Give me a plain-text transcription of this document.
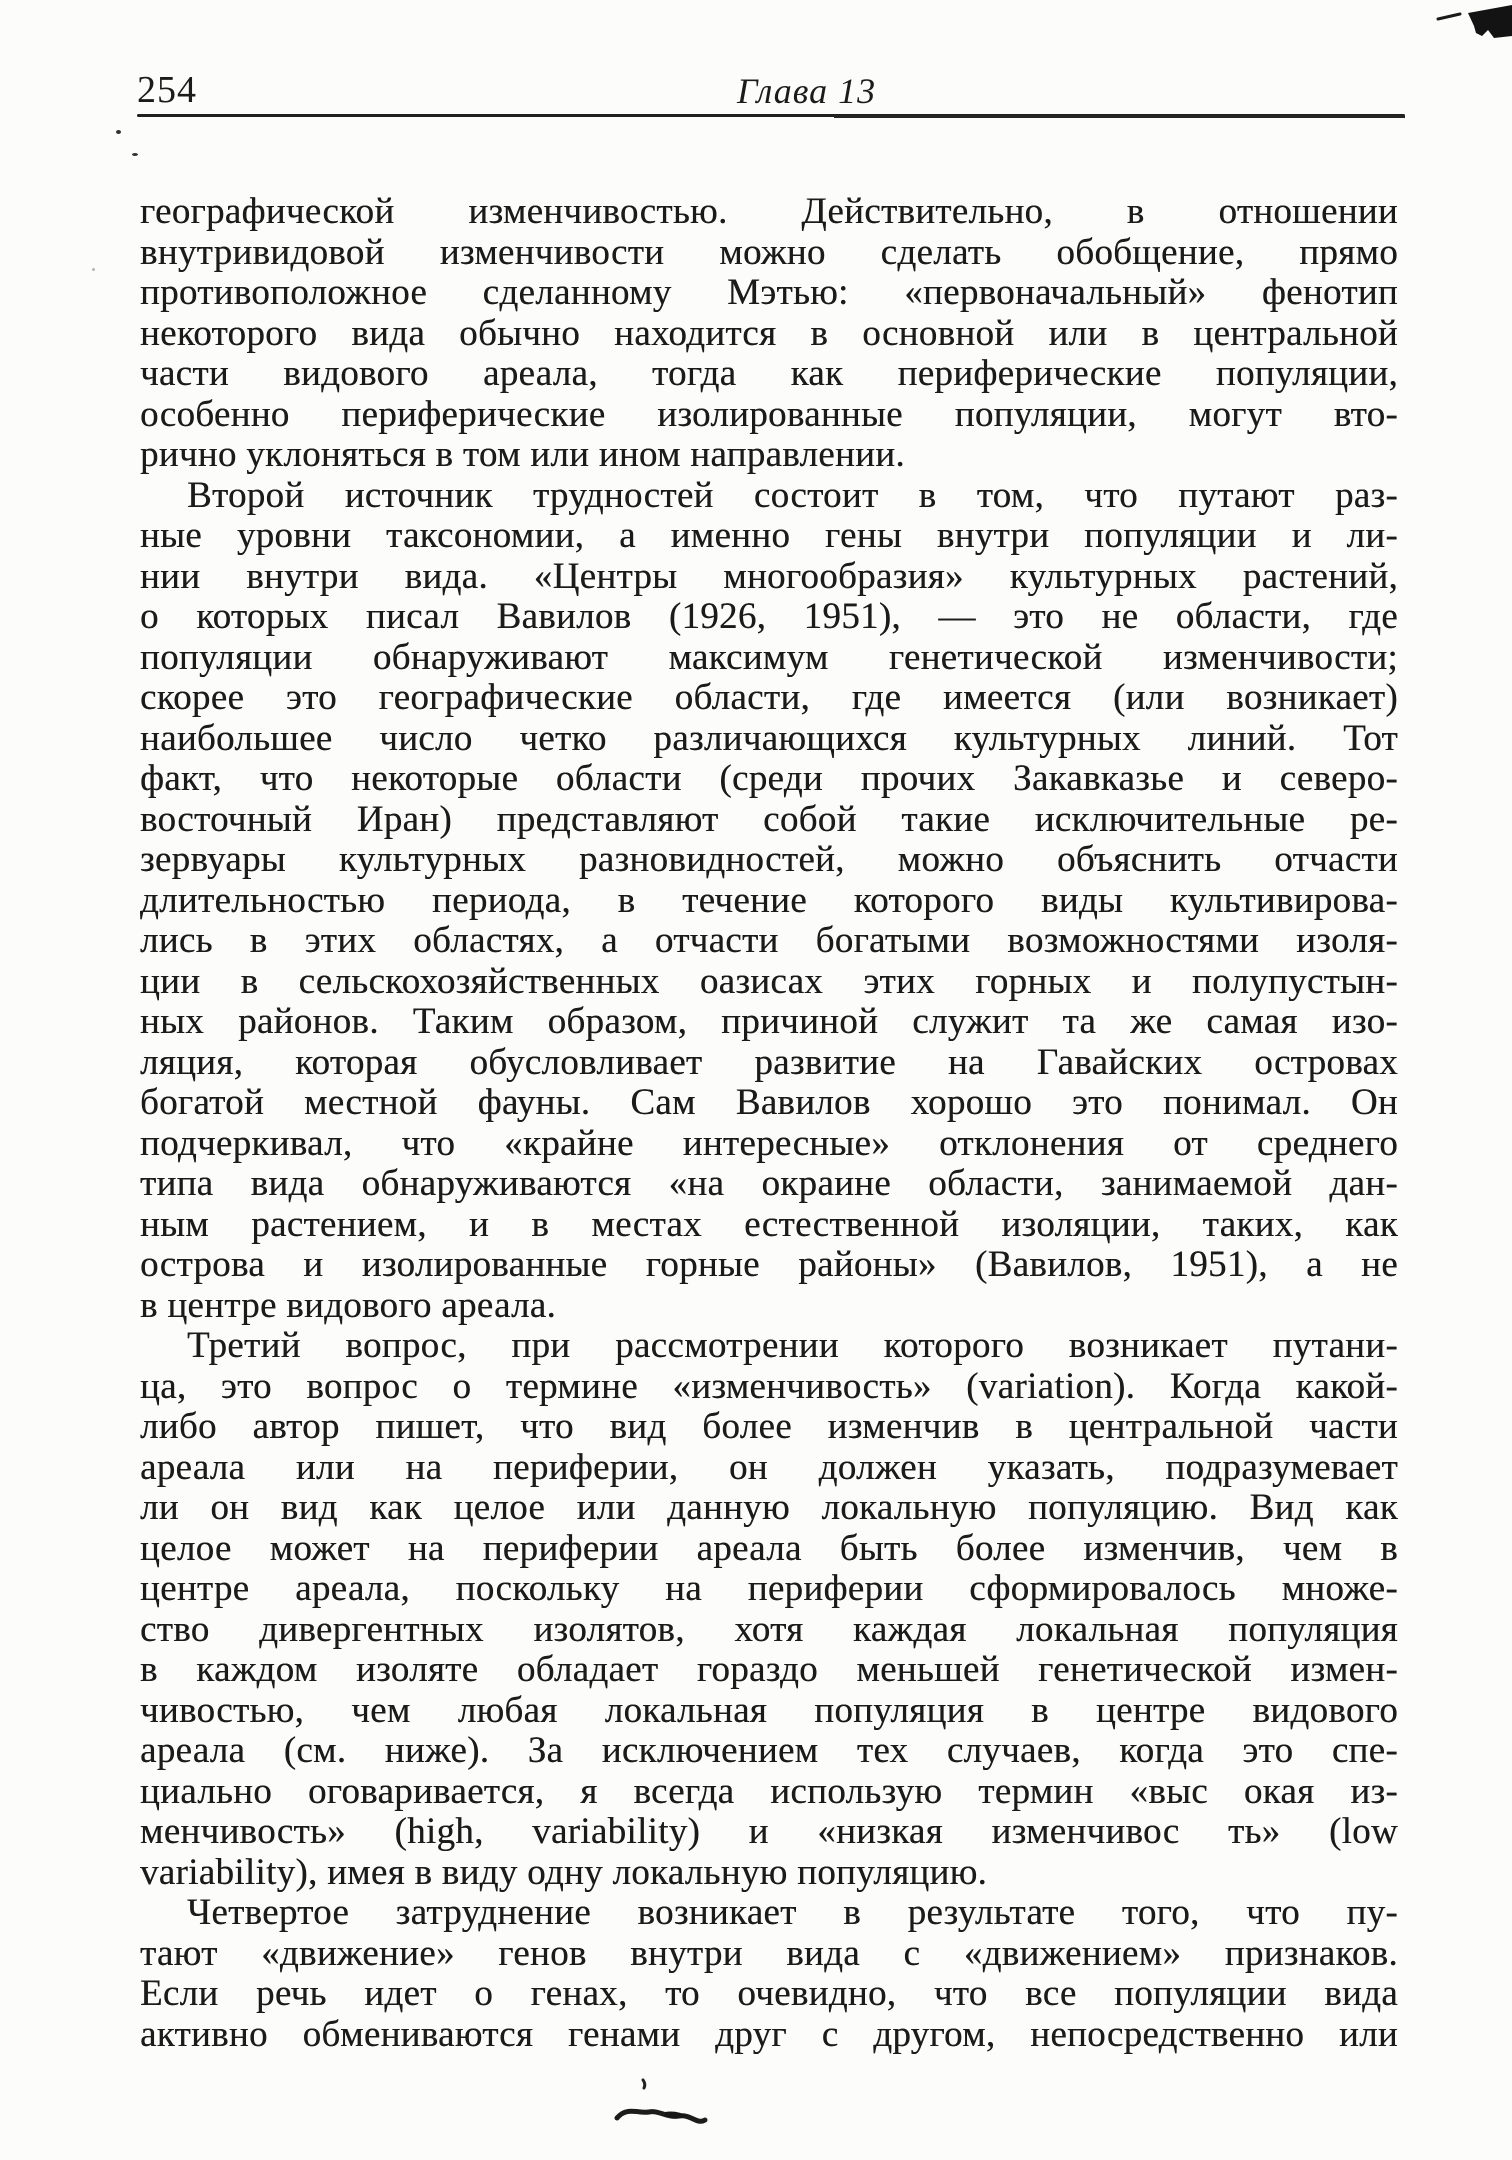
254	Глава 13
географической изменчивостью. Действительно, в отношении
внутривидовой изменчивости можно сделать обобщение, прямо
противоположное сделанному Мэтью: «первоначальный» фенотип
некоторого вида обычно находится в основной или в центральной
части видового ареала, тогда как периферические популяции,
особенно периферические изолированные популяции, могут вто-
рично уклоняться в том или ином направлении.
Второй источник трудностей состоит в том, что путают раз-
ные уровни таксономии, а именно гены внутри популяции и ли-
нии внутри вида. «Центры многообразия» культурных растений,
о которых писал Вавилов (1926, 1951), — это не области, где
популяции обнаруживают максимум генетической изменчивости;
скорее это географические области, где имеется (или возникает)
наибольшее число четко различающихся культурных линий. Тот
факт, что некоторые области (среди прочих Закавказье и северо-
восточный Иран) представляют собой такие исключительные ре-
зервуары культурных разновидностей, можно объяснить отчасти
длительностью периода, в течение которого виды культивирова-
лись в этих областях, а отчасти богатыми возможностями изоля-
ции в сельскохозяйственных оазисах этих горных и полупустын-
ных районов. Таким образом, причиной служит та же самая изо-
ляция, которая обусловливает развитие на Гавайских островах
богатой местной фауны. Сам Вавилов хорошо это понимал. Он
подчеркивал, что «крайне интересные» отклонения от среднего
типа вида обнаруживаются «на окраине области, занимаемой дан-
ным растением, и в местах естественной изоляции, таких, как
острова и изолированные горные районы» (Вавилов, 1951), а не
в центре видового ареала.
Третий вопрос, при рассмотрении которого возникает путани-
ца, это вопрос о термине «изменчивость» (variation). Когда какой-
либо автор пишет, что вид более изменчив в центральной части
ареала или на периферии, он должен указать, подразумевает
ли он вид как целое или данную локальную популяцию. Вид как
целое может на периферии ареала быть более изменчив, чем в
центре ареала, поскольку на периферии сформировалось множе-
ство дивергентных изолятов, хотя каждая локальная популяция
в каждом изоляте обладает гораздо меньшей генетической измен-
чивостью, чем любая локальная популяция в центре видового
ареала (см. ниже). За исключением тех случаев, когда это спе-
циально оговаривается, я всегда использую термин «выс окая из-
менчивость» (high, variability) и «низкая изменчивос ть» (low
variability), имея в виду одну локальную популяцию.
Четвертое затруднение возникает в результате того, что пу-
тают «движение» генов внутри вида с «движением» признаков.
Если речь идет о генах, то очевидно, что все популяции вида
активно обмениваются генами друг с другом, непосредственно или
